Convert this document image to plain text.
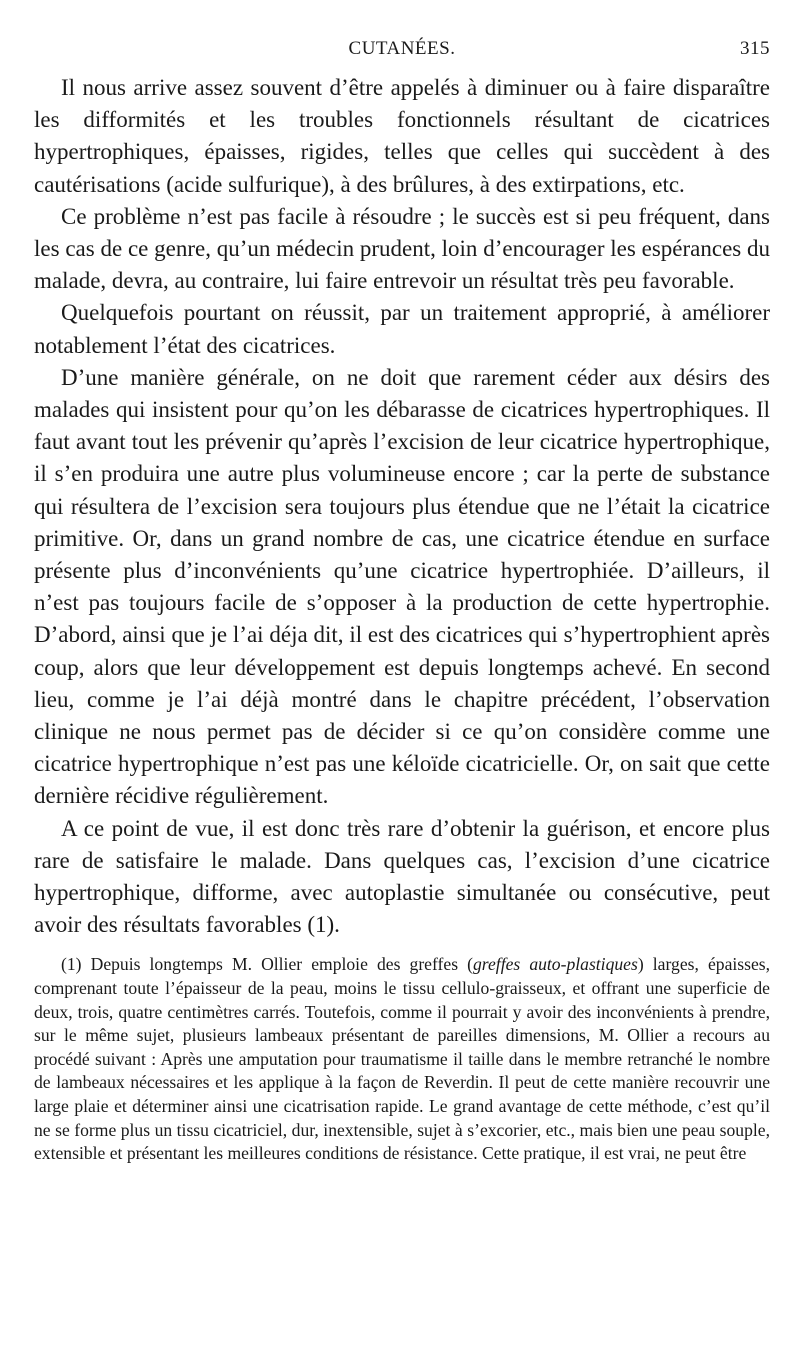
CUTANÉES.	315

Il nous arrive assez souvent d’être appelés à diminuer ou à faire disparaître les difformités et les troubles fonctionnels résultant de cicatrices hypertrophiques, épaisses, rigides, telles que celles qui succèdent à des cautérisations (acide sulfurique), à des brûlures, à des extirpations, etc.

Ce problème n’est pas facile à résoudre ; le succès est si peu fréquent, dans les cas de ce genre, qu’un médecin prudent, loin d’encourager les espérances du malade, devra, au contraire, lui faire entrevoir un résultat très peu favorable.

Quelquefois pourtant on réussit, par un traitement approprié, à améliorer notablement l’état des cicatrices.

D’une manière générale, on ne doit que rarement céder aux désirs des malades qui insistent pour qu’on les débarasse de cicatrices hypertrophiques. Il faut avant tout les prévenir qu’après l’excision de leur cicatrice hypertrophique, il s’en produira une autre plus volumineuse encore ; car la perte de substance qui résultera de l’excision sera toujours plus étendue que ne l’était la cicatrice primitive. Or, dans un grand nombre de cas, une cicatrice étendue en surface présente plus d’inconvénients qu’une cicatrice hypertrophiée. D’ailleurs, il n’est pas toujours facile de s’opposer à la production de cette hypertrophie. D’abord, ainsi que je l’ai déja dit, il est des cicatrices qui s’hypertrophient après coup, alors que leur développement est depuis longtemps achevé. En second lieu, comme je l’ai déjà montré dans le chapitre précédent, l’observation clinique ne nous permet pas de décider si ce qu’on considère comme une cicatrice hypertrophique n’est pas une kéloïde cicatricielle. Or, on sait que cette dernière récidive régulièrement.

A ce point de vue, il est donc très rare d’obtenir la guérison, et encore plus rare de satisfaire le malade. Dans quelques cas, l’excision d’une cicatrice hypertrophique, difforme, avec autoplastie simultanée ou consécutive, peut avoir des résultats favorables (1).

(1) Depuis longtemps M. Ollier emploie des greffes (greffes auto-plastiques) larges, épaisses, comprenant toute l’épaisseur de la peau, moins le tissu cellulo-graisseux, et offrant une superficie de deux, trois, quatre centimètres carrés. Toutefois, comme il pourrait y avoir des inconvénients à prendre, sur le même sujet, plusieurs lambeaux présentant de pareilles dimensions, M. Ollier a recours au procédé suivant : Après une amputation pour traumatisme il taille dans le membre retranché le nombre de lambeaux nécessaires et les applique à la façon de Reverdin. Il peut de cette manière recouvrir une large plaie et déterminer ainsi une cicatrisation rapide. Le grand avantage de cette méthode, c’est qu’il ne se forme plus un tissu cicatriciel, dur, inextensible, sujet à s’excorier, etc., mais bien une peau souple, extensible et présentant les meilleures conditions de résistance. Cette pratique, il est vrai, ne peut être
